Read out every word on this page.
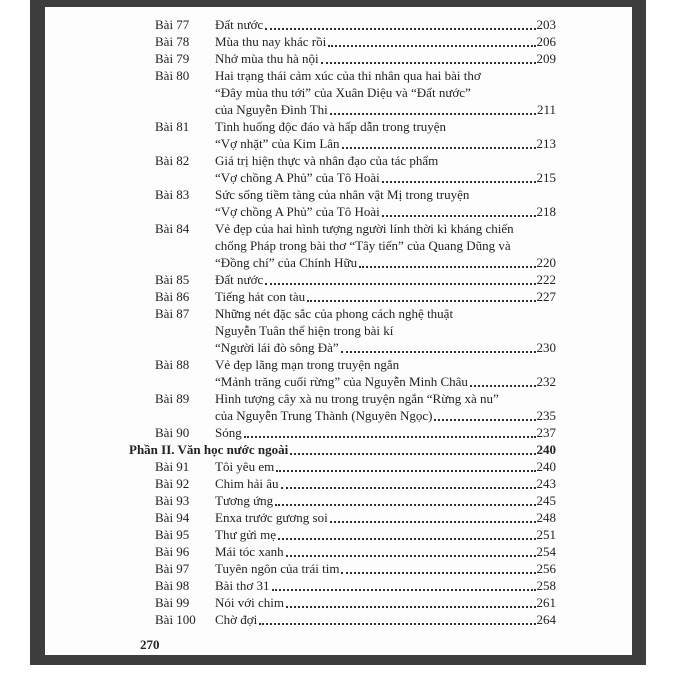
Bài 77	Đất nước	203
Bài 78	Mùa thu nay khác rồi	206
Bài 79	Nhớ mùa thu hà nội	209
Bài 80	Hai trạng thái cảm xúc của thi nhân qua hai bài thơ
“Đây mùa thu tới” của Xuân Diệu và “Đất nước”
của Nguyễn Đình Thi	211
Bài 81	Tình huống độc đáo và hấp dẫn trong truyện
“Vợ nhặt” của Kim Lân	213
Bài 82	Giá trị hiện thực và nhân đạo của tác phẩm
“Vợ chồng A Phủ” của Tô Hoài	215
Bài 83	Sức sống tiềm tàng của nhân vật Mị trong truyện
“Vợ chồng A Phủ” của Tô Hoài	218
Bài 84	Vẻ đẹp của hai hình tượng người lính thời kì kháng chiến
chống Pháp trong bài thơ “Tây tiến” của Quang Dũng và
“Đồng chí” của Chính Hữu	220
Bài 85	Đất nước	222
Bài 86	Tiếng hát con tàu	227
Bài 87	Những nét đặc sắc của phong cách nghệ thuật
Nguyễn Tuân thể hiện trong bài kí
“Người lái đò sông Đà”	230
Bài 88	Vẻ đẹp lãng mạn trong truyện ngắn
“Mảnh trăng cuối rừng” của Nguyễn Minh Châu	232
Bài 89	Hình tượng cây xà nu trong truyện ngắn “Rừng xà nu”
của Nguyễn Trung Thành (Nguyên Ngọc)	235
Bài 90	Sóng	237
Phần II. Văn học nước ngoài	240
Bài 91	Tôi yêu em	240
Bài 92	Chim hải âu	243
Bài 93	Tương ứng	245
Bài 94	Enxa trước gương soi	248
Bài 95	Thư gửi mẹ	251
Bài 96	Mái tóc xanh	254
Bài 97	Tuyên ngôn của trái tim	256
Bài 98	Bài thơ 31	258
Bài 99	Nói với chim	261
Bài 100	Chờ đợi	264
270
